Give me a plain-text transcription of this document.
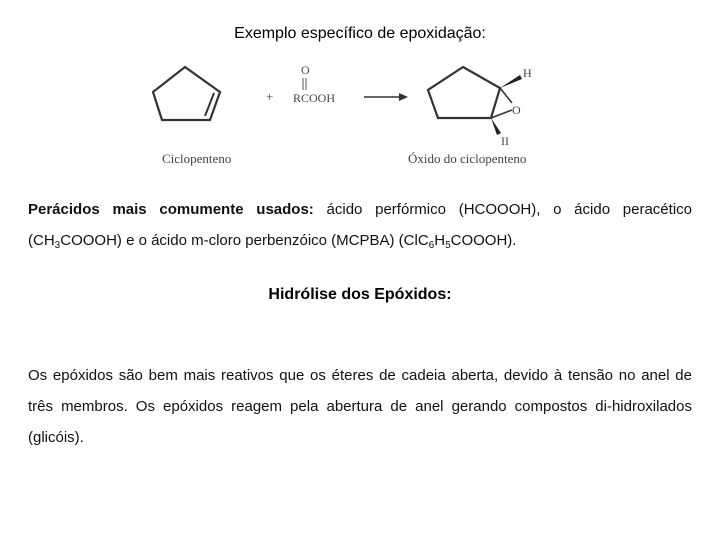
Exemplo específico de epoxidação:
+
O
RCOOH
H
O
II
Ciclopenteno	Óxido do ciclopenteno
Perácidos mais comumente usados: ácido perfórmico (HCOOOH), o ácido peracético $(CH_3COOOH)$ e o ácido m-cloro perbenzóico (MCPBA) $(ClC_6H_5COOOH)$.
Hidrólise dos Epóxidos:
Os epóxidos são bem mais reativos que os éteres de cadeia aberta, devido à tensão no anel de três membros. Os epóxidos reagem pela abertura de anel gerando compostos di-hidroxilados (glicóis).
